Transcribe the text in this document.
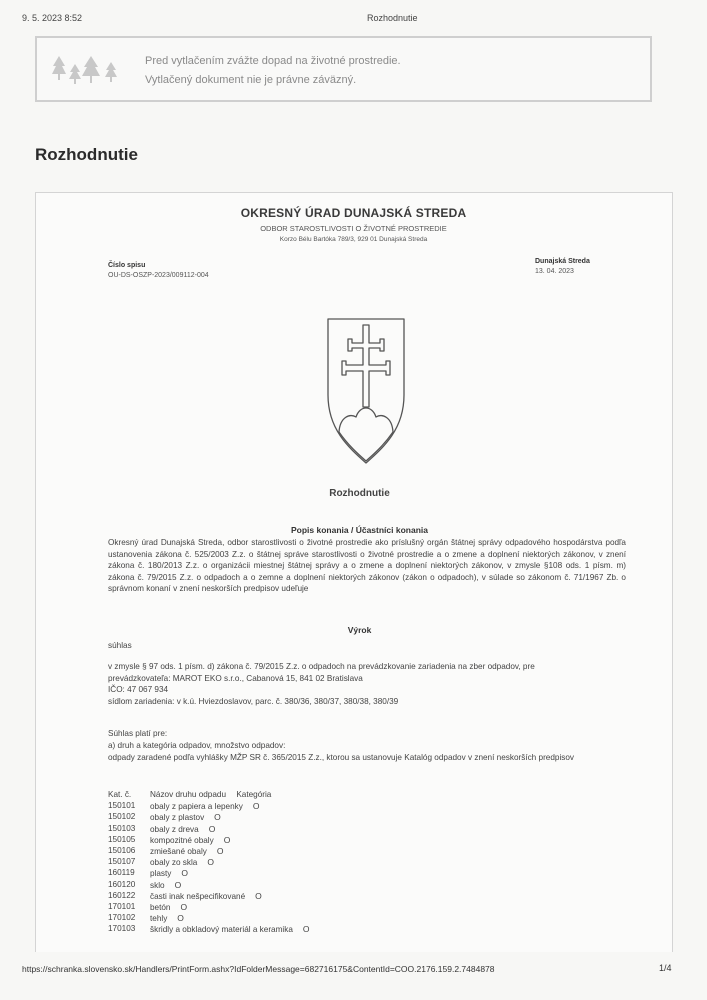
9. 5. 2023 8:52	Rozhodnutie
Pred vytlačením zvážte dopad na životné prostredie.
Vytlačený dokument nie je právne záväzný.
Rozhodnutie
OKRESNÝ ÚRAD DUNAJSKÁ STREDA
ODBOR STAROSTLIVOSTI O ŽIVOTNÉ PROSTREDIE
Korzo Bélu Bartóka 789/3, 929 01 Dunajská Streda
Číslo spisu
OU-DS-OSZP-2023/009112-004
Dunajská Streda
13. 04. 2023
Rozhodnutie
Popis konania / Účastníci konania
Okresný úrad Dunajská Streda, odbor starostlivosti o životné prostredie ako príslušný orgán štátnej správy odpadového hospodárstva podľa ustanovenia zákona č. 525/2003 Z.z. o štátnej správe starostlivosti o životné prostredie a o zmene a doplnení niektorých zákonov, v znení zákona č. 180/2013 Z.z. o organizácii miestnej štátnej správy a o zmene a doplnení niektorých zákonov, v zmysle §108 ods. 1 písm. m) zákona č. 79/2015 Z.z. o odpadoch a o zemne a doplnení niektorých zákonov (zákon o odpadoch), v súlade so zákonom č. 71/1967 Zb. o správnom konaní v znení neskorších predpisov udeľuje
Výrok
súhlas
v zmysle § 97 ods. 1 písm. d) zákona č. 79/2015 Z.z. o odpadoch na prevádzkovanie zariadenia na zber odpadov, pre
prevádzkovateľa: MAROT EKO s.r.o., Cabanová 15, 841 02 Bratislava
IČO: 47 067 934
sídlom zariadenia: v k.ú. Hviezdoslavov, parc. č. 380/36, 380/37, 380/38, 380/39
Súhlas platí pre:
a) druh a kategória odpadov, množstvo odpadov:
odpady zaradené podľa vyhlášky MŽP SR č. 365/2015 Z.z., ktorou sa ustanovuje Katalóg odpadov v znení neskorších predpisov
Kat. č.	Názov druhu odpadu Kategória
150101	obaly z papiera a lepenky O
150102	obaly z plastov O
150103	obaly z dreva O
150105	kompozitné obaly O
150106	zmiešané obaly O
150107	obaly zo skla O
160119	plasty O
160120	sklo O
160122	časti inak nešpecifikované O
170101	betón O
170102	tehly O
170103	škridly a obkladový materiál a keramika O
https://schranka.slovensko.sk/Handlers/PrintForm.ashx?IdFolderMessage=682716175&ContentId=COO.2176.159.2.7484878	1/4
